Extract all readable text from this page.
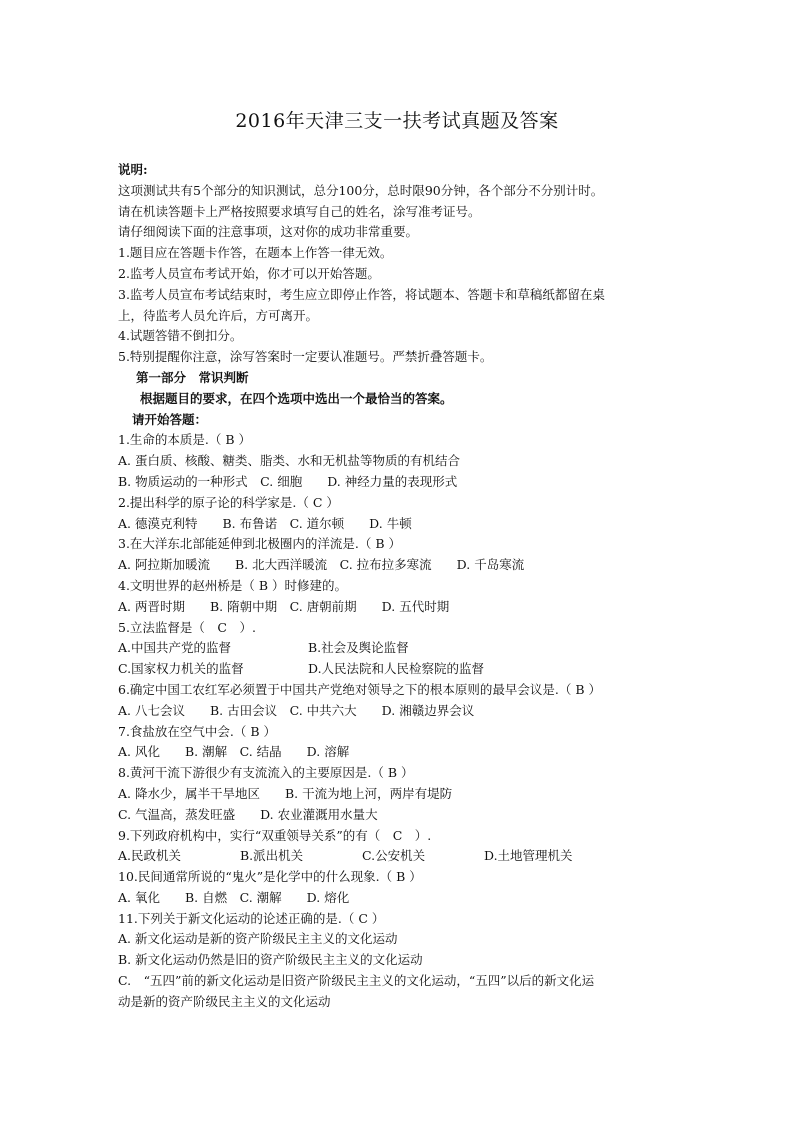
2016年天津三支一扶考试真题及答案
说明:
这项测试共有5个部分的知识测试，总分100分，总时限90分钟，各个部分不分别计时。
请在机读答题卡上严格按照要求填写自己的姓名，涂写准考证号。
请仔细阅读下面的注意事项，这对你的成功非常重要。
1.题目应在答题卡作答，在题本上作答一律无效。
2.监考人员宣布考试开始，你才可以开始答题。
3.监考人员宣布考试结束时，考生应立即停止作答，将试题本、答题卡和草稿纸都留在桌
上，待监考人员允许后，方可离开。
4.试题答错不倒扣分。
5.特别提醒你注意，涂写答案时一定要认准题号。严禁折叠答题卡。
第一部分　常识判断
根据题目的要求，在四个选项中选出一个最恰当的答案。
请开始答题：
1.生命的本质是.（ B ）
A. 蛋白质、核酸、糖类、脂类、水和无机盐等物质的有机结合
B. 物质运动的一种形式　C. 细胞　　D. 神经力量的表现形式
2.提出科学的原子论的科学家是.（ C ）
A. 德漠克利特　　B. 布鲁诺　C. 道尔顿　　D. 牛顿
3.在大洋东北部能延伸到北极圈内的洋流是.（ B ）
A. 阿拉斯加暖流　　B. 北大西洋暖流　C. 拉布拉多寒流　　D. 千岛寒流
4.文明世界的赵州桥是（ B ）时修建的。
A. 两晋时期　　B. 隋朝中期　C. 唐朝前期　　D. 五代时期
5.立法监督是（　C　）.
A.中国共产党的监督	B.社会及舆论监督
C.国家权力机关的监督	D.人民法院和人民检察院的监督
6.确定中国工农红军必须置于中国共产党绝对领导之下的根本原则的最早会议是.（ B ）
A. 八七会议　　B. 古田会议　C. 中共六大　　D. 湘赣边界会议
7.食盐放在空气中会.（ B ）
A. 风化　　B. 潮解　C. 结晶　　D. 溶解
8.黄河干流下游很少有支流流入的主要原因是.（ B ）
A. 降水少，属半干旱地区　　B. 干流为地上河，两岸有堤防
C. 气温高，蒸发旺盛　　D. 农业灌溉用水量大
9.下列政府机构中，实行“双重领导关系”的有（　C　）.
A.民政机关	B.派出机关	C.公安机关	D.土地管理机关
10.民间通常所说的“鬼火”是化学中的什么现象.（ B ）
A. 氧化　　B. 自燃　C. 潮解　　D. 熔化
11.下列关于新文化运动的论述正确的是.（ C ）
A. 新文化运动是新的资产阶级民主主义的文化运动
B. 新文化运动仍然是旧的资产阶级民主主义的文化运动
C.　“五四”前的新文化运动是旧资产阶级民主主义的文化运动，“五四”以后的新文化运
动是新的资产阶级民主主义的文化运动
